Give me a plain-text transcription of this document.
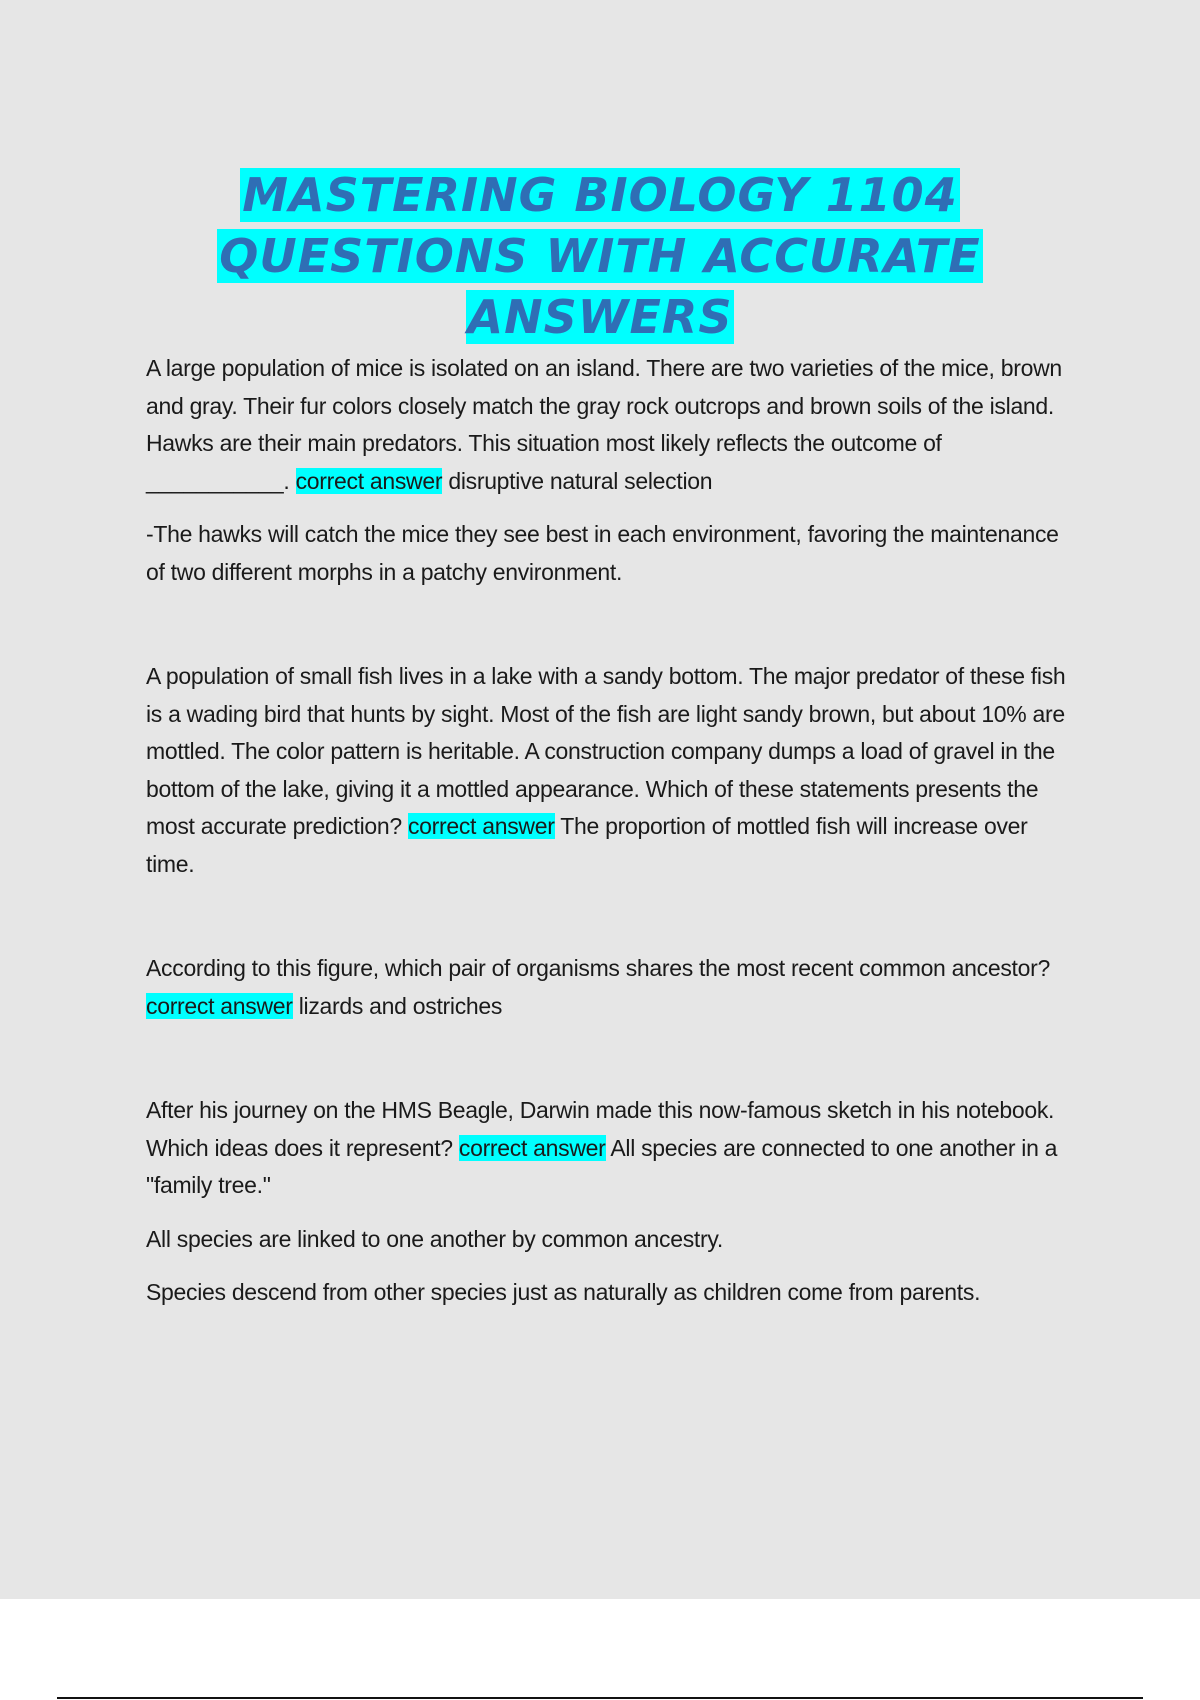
MASTERING BIOLOGY 1104
QUESTIONS WITH ACCURATE
ANSWERS

A large population of mice is isolated on an island. There are two varieties of the mice, brown and gray. Their fur colors closely match the gray rock outcrops and brown soils of the island. Hawks are their main predators. This situation most likely reflects the outcome of ___________. correct answer disruptive natural selection

-The hawks will catch the mice they see best in each environment, favoring the maintenance of two different morphs in a patchy environment.

A population of small fish lives in a lake with a sandy bottom. The major predator of these fish is a wading bird that hunts by sight. Most of the fish are light sandy brown, but about 10% are mottled. The color pattern is heritable. A construction company dumps a load of gravel in the bottom of the lake, giving it a mottled appearance. Which of these statements presents the most accurate prediction? correct answer The proportion of mottled fish will increase over time.

According to this figure, which pair of organisms shares the most recent common ancestor? correct answer lizards and ostriches

After his journey on the HMS Beagle, Darwin made this now-famous sketch in his notebook. Which ideas does it represent? correct answer All species are connected to one another in a "family tree."

All species are linked to one another by common ancestry.

Species descend from other species just as naturally as children come from parents.
